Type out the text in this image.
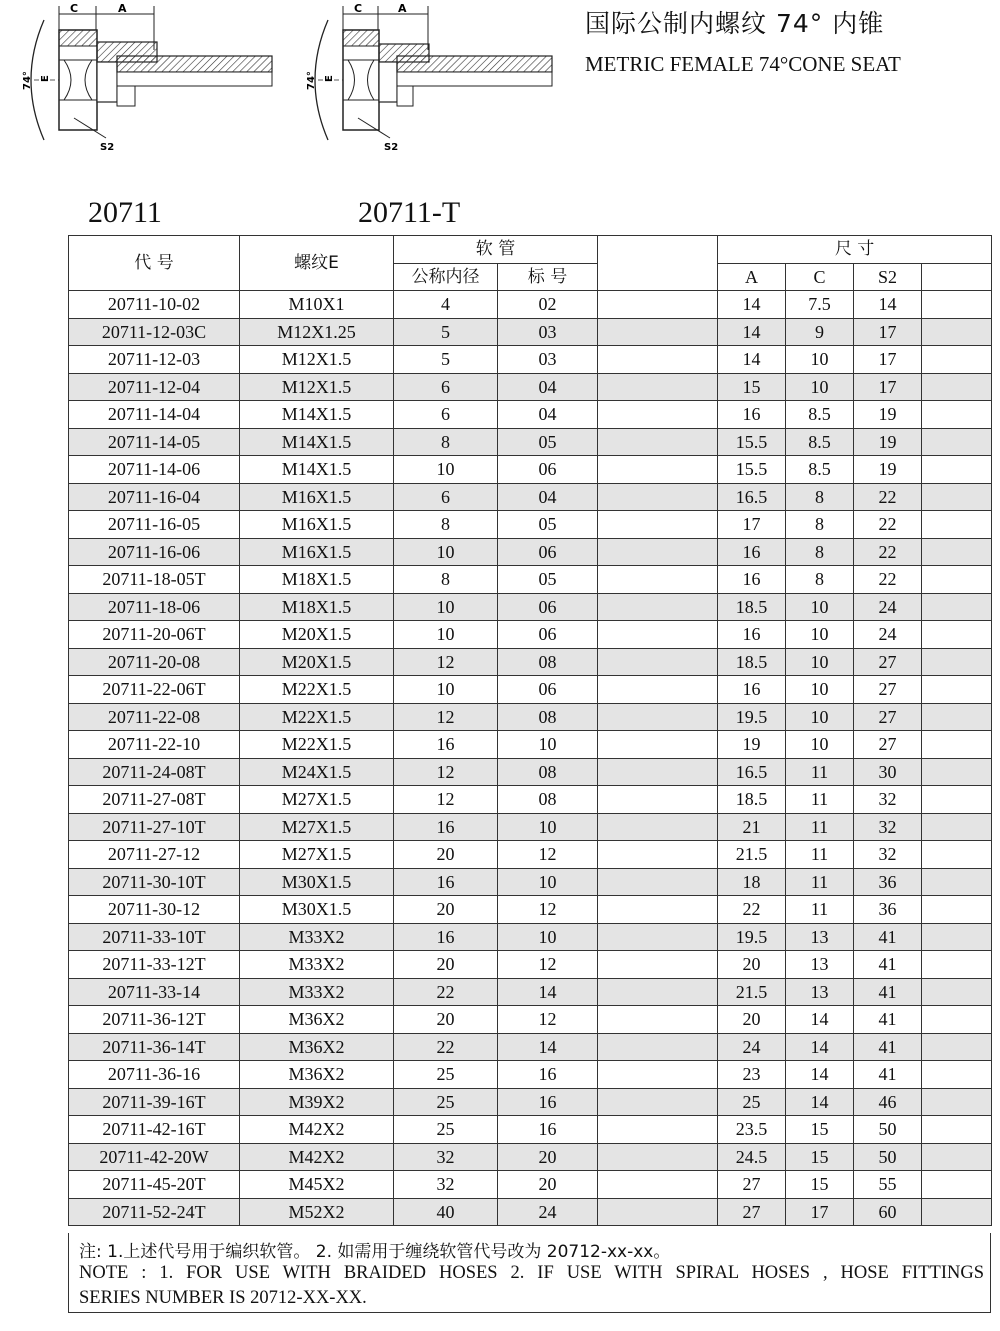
C	A
74° E
S2
C	A
74° E
S2
国际公制内螺纹 74° 内锥
METRIC FEMALE 74°CONE SEAT
20711	20711-T
代 号	螺纹E	软 管			尺 寸			
		公称内径	标 号		A	C	S2	
20711-10-02	M10X1	4	02		14	7.5	14	
20711-12-03C	M12X1.25	5	03		14	9	17	
20711-12-03	M12X1.5	5	03		14	10	17	
20711-12-04	M12X1.5	6	04		15	10	17	
20711-14-04	M14X1.5	6	04		16	8.5	19	
20711-14-05	M14X1.5	8	05		15.5	8.5	19	
20711-14-06	M14X1.5	10	06		15.5	8.5	19	
20711-16-04	M16X1.5	6	04		16.5	8	22	
20711-16-05	M16X1.5	8	05		17	8	22	
20711-16-06	M16X1.5	10	06		16	8	22	
20711-18-05T	M18X1.5	8	05		16	8	22	
20711-18-06	M18X1.5	10	06		18.5	10	24	
20711-20-06T	M20X1.5	10	06		16	10	24	
20711-20-08	M20X1.5	12	08		18.5	10	27	
20711-22-06T	M22X1.5	10	06		16	10	27	
20711-22-08	M22X1.5	12	08		19.5	10	27	
20711-22-10	M22X1.5	16	10		19	10	27	
20711-24-08T	M24X1.5	12	08		16.5	11	30	
20711-27-08T	M27X1.5	12	08		18.5	11	32	
20711-27-10T	M27X1.5	16	10		21	11	32	
20711-27-12	M27X1.5	20	12		21.5	11	32	
20711-30-10T	M30X1.5	16	10		18	11	36	
20711-30-12	M30X1.5	20	12		22	11	36	
20711-33-10T	M33X2	16	10		19.5	13	41	
20711-33-12T	M33X2	20	12		20	13	41	
20711-33-14	M33X2	22	14		21.5	13	41	
20711-36-12T	M36X2	20	12		20	14	41	
20711-36-14T	M36X2	22	14		24	14	41	
20711-36-16	M36X2	25	16		23	14	41	
20711-39-16T	M39X2	25	16		25	14	46	
20711-42-16T	M42X2	25	16		23.5	15	50	
20711-42-20W	M42X2	32	20		24.5	15	50	
20711-45-20T	M45X2	32	20		27	15	55	
20711-52-24T	M52X2	40	24		27	17	60	
注: 1.上述代号用于编织软管。 2. 如需用于缠绕软管代号改为 20712-xx-xx。
NOTE : 1. FOR USE WITH BRAIDED HOSES 2. IF USE WITH SPIRAL HOSES , HOSE FITTINGS
SERIES NUMBER IS 20712-XX-XX.
